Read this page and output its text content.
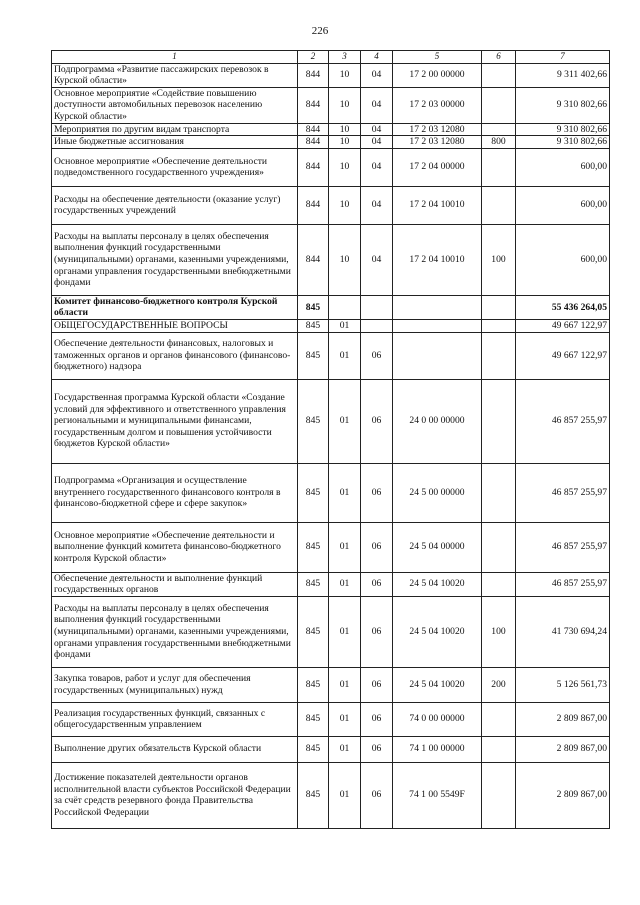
226
1	2	3	4	5	6	7
Подпрограмма «Развитие пассажирских перевозок в Курской области»	844	10	04	17 2 00 00000		9 311 402,66
Основное мероприятие «Содействие повышению доступности автомобильных перевозок населению Курской области»	844	10	04	17 2 03 00000		9 310 802,66
Мероприятия по другим видам транспорта	844	10	04	17 2 03 12080		9 310 802,66
Иные бюджетные ассигнования	844	10	04	17 2 03 12080	800	9 310 802,66
Основное мероприятие «Обеспечение деятельности подведомственного государственного учреждения»	844	10	04	17 2 04 00000		600,00
Расходы на обеспечение деятельности (оказание услуг) государственных учреждений	844	10	04	17 2 04 10010		600,00
Расходы на выплаты персоналу в целях обеспечения выполнения функций государственными (муниципальными) органами, казенными учреждениями, органами управления государственными внебюджетными фондами	844	10	04	17 2 04 10010	100	600,00
Комитет финансово-бюджетного контроля Курской области	845					55 436 264,05
ОБЩЕГОСУДАРСТВЕННЫЕ ВОПРОСЫ	845	01				49 667 122,97
Обеспечение деятельности финансовых, налоговых и таможенных органов и органов финансового (финансово-бюджетного) надзора	845	01	06			49 667 122,97
Государственная программа Курской области «Создание условий для эффективного и ответственного управления региональными и муниципальными финансами, государственным долгом и повышения устойчивости бюджетов Курской области»	845	01	06	24 0 00 00000		46 857 255,97
Подпрограмма «Организация и осуществление внутреннего государственного финансового контроля в финансово-бюджетной сфере и сфере закупок»	845	01	06	24 5 00 00000		46 857 255,97
Основное мероприятие «Обеспечение деятельности и выполнение функций комитета финансово-бюджетного контроля Курской области»	845	01	06	24 5 04 00000		46 857 255,97
Обеспечение деятельности и выполнение функций государственных органов	845	01	06	24 5 04 10020		46 857 255,97
Расходы на выплаты персоналу в целях обеспечения выполнения функций государственными (муниципальными) органами, казенными учреждениями, органами управления государственными внебюджетными фондами	845	01	06	24 5 04 10020	100	41 730 694,24
Закупка товаров, работ и услуг для обеспечения государственных (муниципальных) нужд	845	01	06	24 5 04 10020	200	5 126 561,73
Реализация государственных функций, связанных с общегосударственным управлением	845	01	06	74 0 00 00000		2 809 867,00
Выполнение других обязательств Курской области	845	01	06	74 1 00 00000		2 809 867,00
Достижение показателей деятельности органов исполнительной власти субъектов Российской Федерации за счёт средств резервного фонда Правительства Российской Федерации	845	01	06	74 1 00 5549F		2 809 867,00
